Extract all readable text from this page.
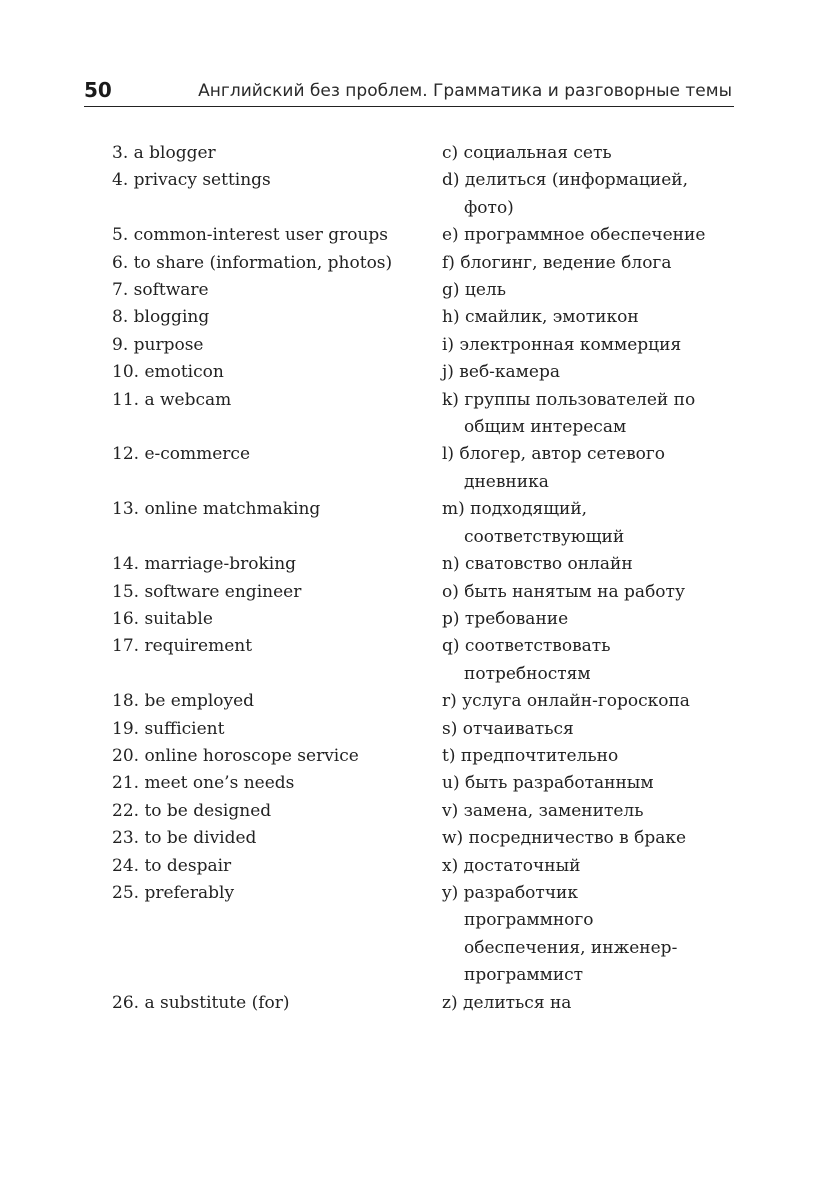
50	Английский без проблем. Грамматика и разговорные темы
3. a blogger	c) социальная сеть
4. privacy settings	d) делиться (информацией,
фото)
5. common-interest user groups	e) программное обеспечение
6. to share (information, photos)	f) блогинг, ведение блога
7. software	g) цель
8. blogging	h) смайлик, эмотикон
9. purpose	i) электронная коммерция
10. emoticon	j) веб-камера
11. a webcam	k) группы пользователей по
общим интересам
12. e-commerce	l) блогер, автор сетевого
дневника
13. online matchmaking	m) подходящий,
соответствующий
14. marriage-broking	n) сватовство онлайн
15. software engineer	o) быть нанятым на работу
16. suitable	p) требование
17. requirement	q) соответствовать
потребностям
18. be employed	r) услуга онлайн-гороскопа
19. sufficient	s) отчаиваться
20. online horoscope service	t) предпочтительно
21. meet one’s needs	u) быть разработанным
22. to be designed	v) замена, заменитель
23. to be divided	w) посредничество в браке
24. to despair	x) достаточный
25. preferably	y) разработчик
программного
обеспечения, инженер-
программист
26. a substitute (for)	z) делиться на
